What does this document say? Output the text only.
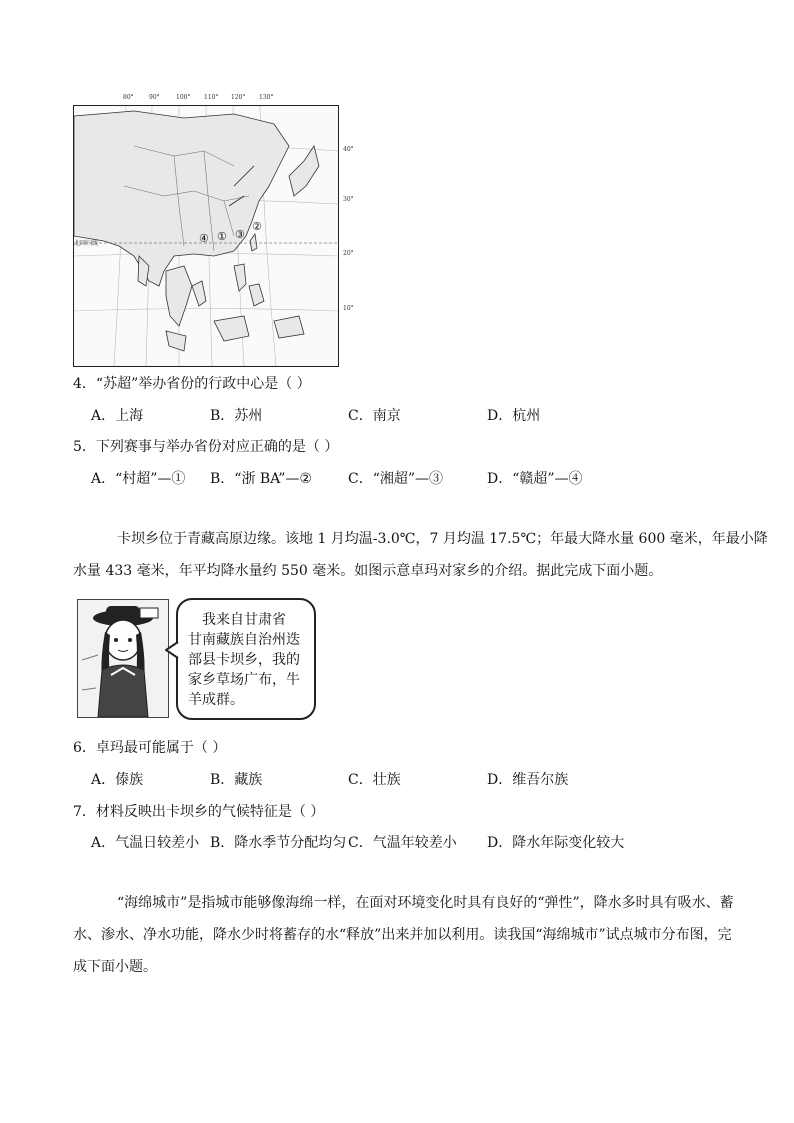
80°	90°	100° 110° 120° 130°
北回归线	④ ① ③
②
40°
30°
20°
10°
4．“苏超”举办省份的行政中心是（ ）
A．上海	B．苏州	C．南京	D．杭州
5．下列赛事与举办省份对应正确的是（ ）
A．“村超”—① B．“浙 BA”—②	C．“湘超”—③	D．“赣超”—④
卡坝乡位于青藏高原边缘。该地 1 月均温-3.0℃，7 月均温 17.5℃；年最大降水量 600 毫米，年最小降
水量 433 毫米，年平均降水量约 550 毫米。如图示意卓玛对家乡的介绍。据此完成下面小题。
我来自甘肃省
甘南藏族自治州迭
部县卡坝乡，我的
家乡草场广布，牛
羊成群。
6．卓玛最可能属于（ ）
A．傣族	B．藏族	C．壮族	D．维吾尔族
7．材料反映出卡坝乡的气候特征是（ ）
A．气温日较差小 B．降水季节分配均匀 C．气温年较差小 D．降水年际变化较大
“海绵城市”是指城市能够像海绵一样，在面对环境变化时具有良好的“弹性”，降水多时具有吸水、蓄
水、渗水、净水功能，降水少时将蓄存的水“释放”出来并加以利用。读我国“海绵城市”试点城市分布图，完
成下面小题。
